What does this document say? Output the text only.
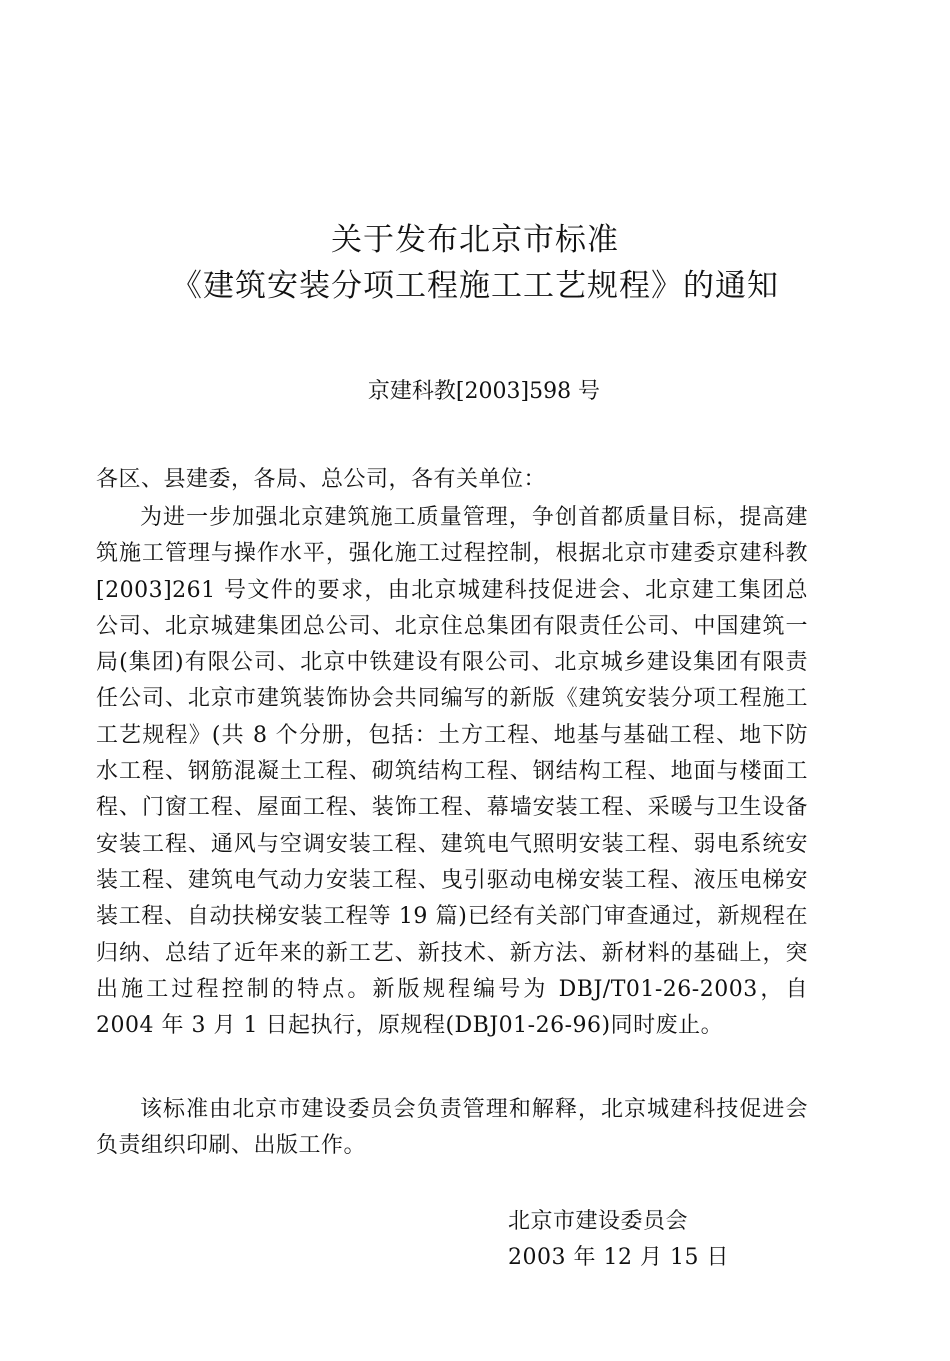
关于发布北京市标准
《建筑安装分项工程施工工艺规程》的通知
京建科教[2003]598 号
各区、县建委，各局、总公司，各有关单位：
为进一步加强北京建筑施工质量管理，争创首都质量目标，提高建筑施工管理与操作水平，强化施工过程控制，根据北京市建委京建科教[2003]261 号文件的要求，由北京城建科技促进会、北京建工集团总公司、北京城建集团总公司、北京住总集团有限责任公司、中国建筑一局(集团)有限公司、北京中铁建设有限公司、北京城乡建设集团有限责任公司、北京市建筑装饰协会共同编写的新版《建筑安装分项工程施工工艺规程》(共 8 个分册，包括：土方工程、地基与基础工程、地下防水工程、钢筋混凝土工程、砌筑结构工程、钢结构工程、地面与楼面工程、门窗工程、屋面工程、装饰工程、幕墙安装工程、采暖与卫生设备安装工程、通风与空调安装工程、建筑电气照明安装工程、弱电系统安装工程、建筑电气动力安装工程、曳引驱动电梯安装工程、液压电梯安装工程、自动扶梯安装工程等 19 篇)已经有关部门审查通过，新规程在归纳、总结了近年来的新工艺、新技术、新方法、新材料的基础上，突出施工过程控制的特点。新版规程编号为 DBJ/T01-26-2003，自 2004 年 3 月 1 日起执行，原规程(DBJ01-26-96)同时废止。
该标准由北京市建设委员会负责管理和解释，北京城建科技促进会负责组织印刷、出版工作。
北京市建设委员会
2003 年 12 月 15 日
